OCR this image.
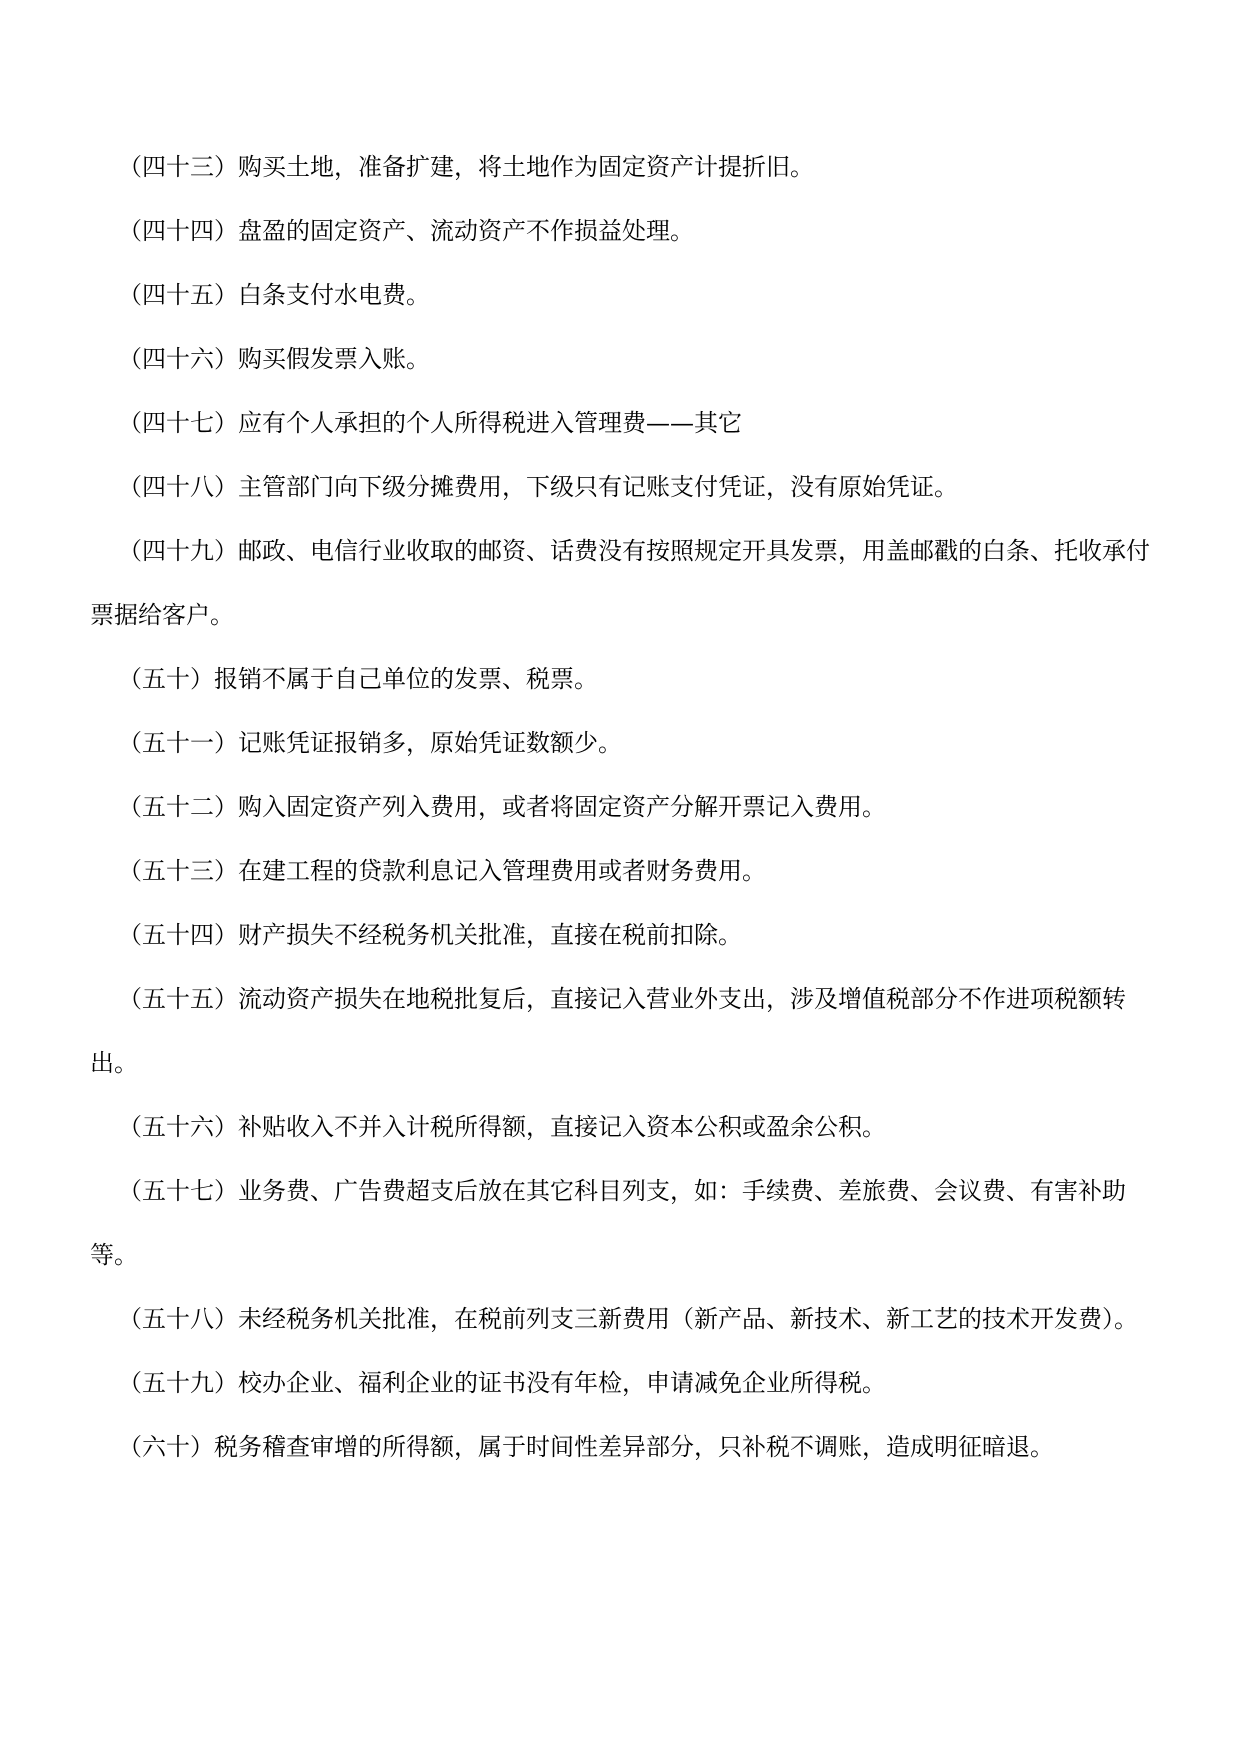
（四十三）购买土地，准备扩建，将土地作为固定资产计提折旧。

（四十四）盘盈的固定资产、流动资产不作损益处理。

（四十五）白条支付水电费。

（四十六）购买假发票入账。

（四十七）应有个人承担的个人所得税进入管理费——其它

（四十八）主管部门向下级分摊费用，下级只有记账支付凭证，没有原始凭证。

（四十九）邮政、电信行业收取的邮资、话费没有按照规定开具发票，用盖邮戳的白条、托收承付票据给客户。

（五十）报销不属于自己单位的发票、税票。

（五十一）记账凭证报销多，原始凭证数额少。

（五十二）购入固定资产列入费用，或者将固定资产分解开票记入费用。

（五十三）在建工程的贷款利息记入管理费用或者财务费用。

（五十四）财产损失不经税务机关批准，直接在税前扣除。

（五十五）流动资产损失在地税批复后，直接记入营业外支出，涉及增值税部分不作进项税额转出。

（五十六）补贴收入不并入计税所得额，直接记入资本公积或盈余公积。

（五十七）业务费、广告费超支后放在其它科目列支，如：手续费、差旅费、会议费、有害补助等。

（五十八）未经税务机关批准，在税前列支三新费用（新产品、新技术、新工艺的技术开发费）。

（五十九）校办企业、福利企业的证书没有年检，申请减免企业所得税。

（六十）税务稽查审增的所得额，属于时间性差异部分，只补税不调账，造成明征暗退。
